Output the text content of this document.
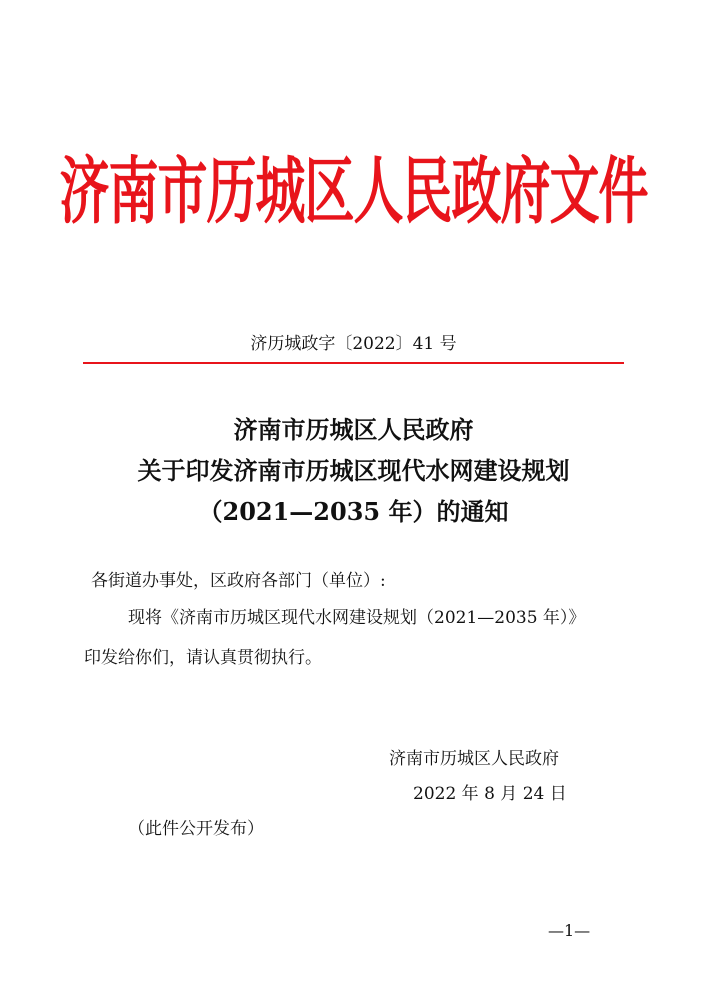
济南市历城区人民政府文件
济历城政字〔2022〕41 号
济南市历城区人民政府
关于印发济南市历城区现代水网建设规划
（2021—2035 年）的通知
各街道办事处，区政府各部门（单位）:
现将《济南市历城区现代水网建设规划（2021—2035 年）》
印发给你们，请认真贯彻执行。
济南市历城区人民政府
2022 年 8 月 24 日
（此件公开发布）
—1—
